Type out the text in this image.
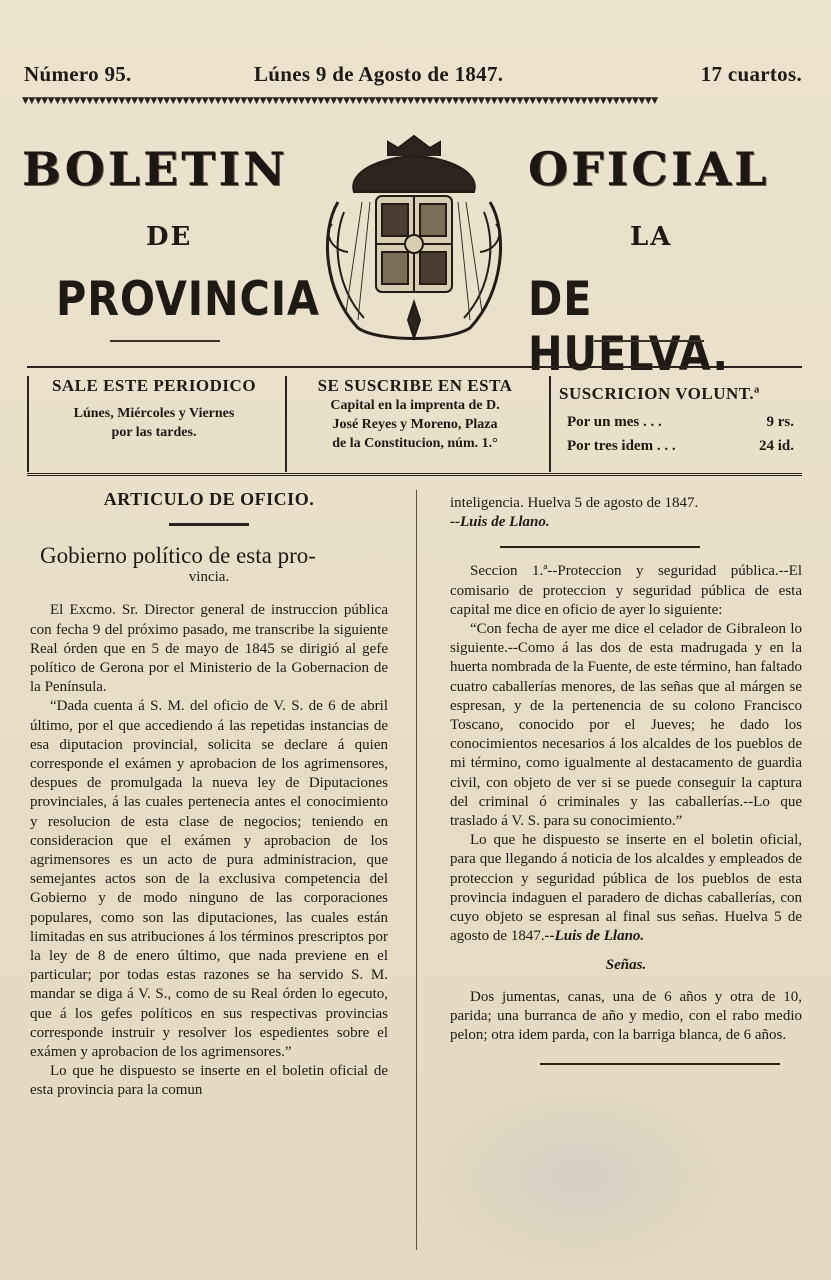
Número 95.	Lúnes 9 de Agosto de 1847.	17 cuartos.
▼▼▼▼▼▼▼▼▼▼▼▼▼▼▼▼▼▼▼▼▼▼▼▼▼▼▼▼▼▼▼▼▼▼▼▼▼▼▼▼▼▼▼▼▼▼▼▼▼▼▼▼▼▼▼▼▼▼▼▼▼▼▼▼▼▼▼▼▼▼▼▼▼▼▼▼▼▼▼▼▼▼▼▼▼▼▼▼▼▼▼▼▼▼▼▼▼▼▼
BOLETIN	OFICIAL
DE	LA
PROVINCIA	DE HUELVA.
SALE ESTE PERIODICO

Lúnes, Miércoles y Viernes

por las tardes.

SE SUSCRIBE EN ESTA

Capital en la imprenta de D.

José Reyes y Moreno, Plaza

de la Constitucion, núm. 1.°

SUSCRICION VOLUNT.ª
Por un mes . . .	9 rs.
Por tres idem . . .	24 id.
ARTICULO DE OFICIO.
Gobierno político de esta pro-
vincia.

El Excmo. Sr. Director general de instruccion pública con fecha 9 del próximo pasado, me transcribe la siguiente Real órden que en 5 de mayo de 1845 se dirigió al gefe político de Gerona por el Ministerio de la Gobernacion de la Península.

“Dada cuenta á S. M. del oficio de V. S. de 6 de abril último, por el que accediendo á las repetidas instancias de esa diputacion provincial, solicita se declare á quien corresponde el exámen y aprobacion de los agrimensores, despues de promulgada la nueva ley de Diputaciones provinciales, á las cuales pertenecia antes el conocimiento y resolucion de esta clase de negocios; teniendo en consideracion que el exámen y aprobacion de los agrimensores es un acto de pura administracion, que semejantes actos son de la exclusiva competencia del Gobierno y de modo ninguno de las corporaciones populares, como son las diputaciones, las cuales están limitadas en sus atribuciones á los términos prescriptos por la ley de 8 de enero último, que nada previene en el particular; por todas estas razones se ha servido S. M. mandar se diga á V. S., como de su Real órden lo egecuto, que á los gefes políticos en sus respectivas provincias corresponde instruir y resolver los espedientes sobre el exámen y aprobacion de los agrimensores.”

Lo que he dispuesto se inserte en el boletin oficial de esta provincia para la comun

inteligencia. Huelva 5 de agosto de 1847.
--Luis de Llano.

Seccion 1.ª--Proteccion y seguridad pública.--El comisario de proteccion y seguridad pública de esta capital me dice en oficio de ayer lo siguiente:

“Con fecha de ayer me dice el celador de Gibraleon lo siguiente.--Como á las dos de esta madrugada y en la huerta nombrada de la Fuente, de este término, han faltado cuatro caballerías menores, de las señas que al márgen se espresan, y de la pertenencia de su colono Francisco Toscano, conocido por el Jueves; he dado los conocimientos necesarios á los alcaldes de los pueblos de mi término, como igualmente al destacamento de guardia civil, con objeto de ver si se puede conseguir la captura del criminal ó criminales y las caballerías.--Lo que traslado á V. S. para su conocimiento.”

Lo que he dispuesto se inserte en el boletin oficial, para que llegando á noticia de los alcaldes y empleados de proteccion y seguridad pública de los pueblos de esta provincia indaguen el paradero de dichas caballerías, con cuyo objeto se espresan al final sus señas. Huelva 5 de agosto de 1847.--Luis de Llano.

Señas.

Dos jumentas, canas, una de 6 años y otra de 10, parida; una burranca de año y medio, con el rabo medio pelon; otra idem parda, con la barriga blanca, de 6 años.
